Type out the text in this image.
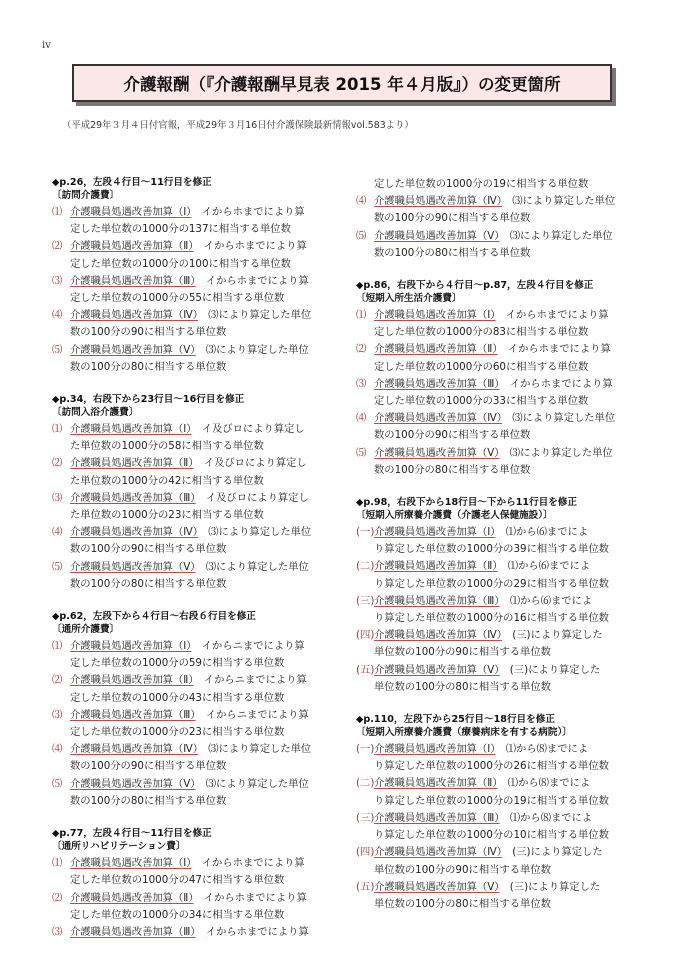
iv
介護報酬（『介護報酬早見表 2015 年４月版』）の変更箇所
（平成29年３月４日付官報，平成29年３月16日付介護保険最新情報vol.583より）
◆p.26，左段４行目～11行目を修正
〔訪問介護費〕
⑴ 介護職員処遇改善加算（Ⅰ）　 イからホまでにより算
定した単位数の1000分の137に相当する単位数
⑵ 介護職員処遇改善加算（Ⅱ）　 イからホまでにより算
定した単位数の1000分の100に相当する単位数
⑶ 介護職員処遇改善加算（Ⅲ）　 イからホまでにより算
定した単位数の1000分の55に相当する単位数
⑷ 介護職員処遇改善加算（Ⅳ）　 ⑶により算定した単位
数の100分の90に相当する単位数
⑸ 介護職員処遇改善加算（Ⅴ）　 ⑶により算定した単位
数の100分の80に相当する単位数
◆p.34，右段下から23行目～16行目を修正
〔訪問入浴介護費〕
⑴ 介護職員処遇改善加算（Ⅰ）　 イ及びロにより算定し
た単位数の1000分の58に相当する単位数
⑵ 介護職員処遇改善加算（Ⅱ）　 イ及びロにより算定し
た単位数の1000分の42に相当する単位数
⑶ 介護職員処遇改善加算（Ⅲ）　 イ及びロにより算定し
た単位数の1000分の23に相当する単位数
⑷ 介護職員処遇改善加算（Ⅳ）　 ⑶により算定した単位
数の100分の90に相当する単位数
⑸ 介護職員処遇改善加算（Ⅴ）　 ⑶により算定した単位
数の100分の80に相当する単位数
◆p.62，左段下から４行目～右段６行目を修正
〔通所介護費〕
⑴ 介護職員処遇改善加算（Ⅰ）　 イからニまでにより算
定した単位数の1000分の59に相当する単位数
⑵ 介護職員処遇改善加算（Ⅱ）　 イからニまでにより算
定した単位数の1000分の43に相当する単位数
⑶ 介護職員処遇改善加算（Ⅲ）　 イからニまでにより算
定した単位数の1000分の23に相当する単位数
⑷ 介護職員処遇改善加算（Ⅳ）　 ⑶により算定した単位
数の100分の90に相当する単位数
⑸ 介護職員処遇改善加算（Ⅴ）　 ⑶により算定した単位
数の100分の80に相当する単位数
◆p.77，左段４行目～11行目を修正
〔通所リハビリテーション費〕
⑴ 介護職員処遇改善加算（Ⅰ）　 イからホまでにより算
定した単位数の1000分の47に相当する単位数
⑵ 介護職員処遇改善加算（Ⅱ）　 イからホまでにより算
定した単位数の1000分の34に相当する単位数
⑶ 介護職員処遇改善加算（Ⅲ）　 イからホまでにより算
定した単位数の1000分の19に相当する単位数
⑷ 介護職員処遇改善加算（Ⅳ）　 ⑶により算定した単位
数の100分の90に相当する単位数
⑸ 介護職員処遇改善加算（Ⅴ）　 ⑶により算定した単位
数の100分の80に相当する単位数
◆p.86，右段下から４行目～p.87，左段４行目を修正
〔短期入所生活介護費〕
⑴ 介護職員処遇改善加算（Ⅰ）　 イからホまでにより算
定した単位数の1000分の83に相当する単位数
⑵ 介護職員処遇改善加算（Ⅱ）　 イからホまでにより算
定した単位数の1000分の60に相当する単位数
⑶ 介護職員処遇改善加算（Ⅲ）　 イからホまでにより算
定した単位数の1000分の33に相当する単位数
⑷ 介護職員処遇改善加算（Ⅳ）　 ⑶により算定した単位
数の100分の90に相当する単位数
⑸ 介護職員処遇改善加算（Ⅴ）　 ⑶により算定した単位
数の100分の80に相当する単位数
◆p.98，右段下から18行目～下から11行目を修正
〔短期入所療養介護費（介護老人保健施設）〕
(一)介護職員処遇改善加算（Ⅰ）　 ⑴から⑹までによ
り算定した単位数の1000分の39に相当する単位数
(二)介護職員処遇改善加算（Ⅱ）　 ⑴から⑹までによ
り算定した単位数の1000分の29に相当する単位数
(三)介護職員処遇改善加算（Ⅲ）　 ⑴から⑹までによ
り算定した単位数の1000分の16に相当する単位数
(四)介護職員処遇改善加算（Ⅳ）　 (三)により算定した
単位数の100分の90に相当する単位数
(五)介護職員処遇改善加算（Ⅴ）　 (三)により算定した
単位数の100分の80に相当する単位数
◆p.110，左段下から25行目～18行目を修正
〔短期入所療養介護費（療養病床を有する病院）〕
(一)介護職員処遇改善加算（Ⅰ）　 ⑴から⑻までによ
り算定した単位数の1000分の26に相当する単位数
(二)介護職員処遇改善加算（Ⅱ）　 ⑴から⑻までによ
り算定した単位数の1000分の19に相当する単位数
(三)介護職員処遇改善加算（Ⅲ）　 ⑴から⑻までによ
り算定した単位数の1000分の10に相当する単位数
(四)介護職員処遇改善加算（Ⅳ）　 (三)により算定した
単位数の100分の90に相当する単位数
(五)介護職員処遇改善加算（Ⅴ）　 (三)により算定した
単位数の100分の80に相当する単位数
